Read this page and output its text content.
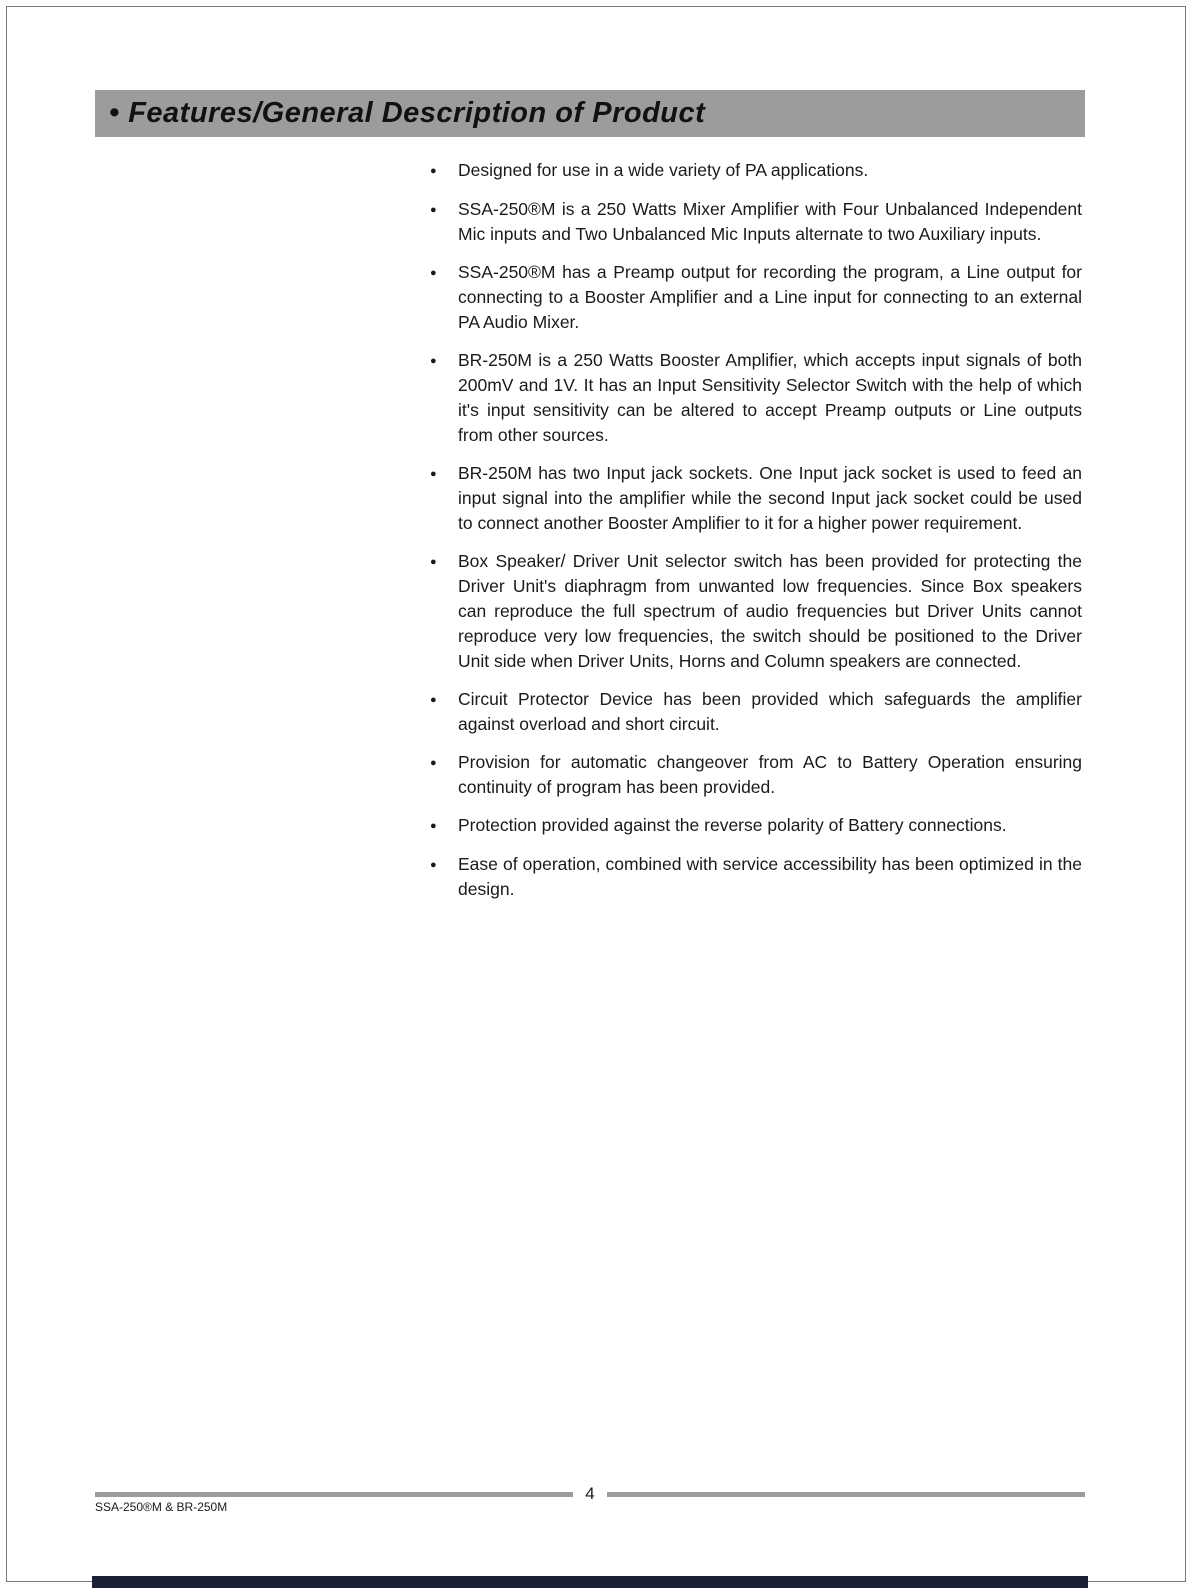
• Features/General Description of Product
● Designed for use in a wide variety of PA applications.
● SSA-250®M is a 250 Watts Mixer Amplifier with Four Unbalanced Independent Mic inputs and Two Unbalanced Mic Inputs alternate to two Auxiliary inputs.
● SSA-250®M has a Preamp output for recording the program, a Line output for connecting to a Booster Amplifier and a Line input for connecting to an external PA Audio Mixer.
● BR-250M is a 250 Watts Booster Amplifier, which accepts input signals of both 200mV and 1V. It has an Input Sensitivity Selector Switch with the help of which it's input sensitivity can be altered to accept Preamp outputs or Line outputs from other sources.
● BR-250M has two Input jack sockets. One Input jack socket is used to feed an input signal into the amplifier while the second Input jack socket could be used to connect another Booster Amplifier to it for a higher power requirement.
● Box Speaker/ Driver Unit selector switch has been provided for protecting the Driver Unit's diaphragm from unwanted low frequencies. Since Box speakers can reproduce the full spectrum of audio frequencies but Driver Units cannot reproduce very low frequencies, the switch should be positioned to the Driver Unit side when Driver Units, Horns and Column speakers are connected.
● Circuit Protector Device has been provided which safeguards the amplifier against overload and short circuit.
● Provision for automatic changeover from AC to Battery Operation ensuring continuity of program has been provided.
● Protection provided against the reverse polarity of Battery connections.
● Ease of operation, combined with service accessibility has been optimized in the design.
4
SSA-250®M & BR-250M
